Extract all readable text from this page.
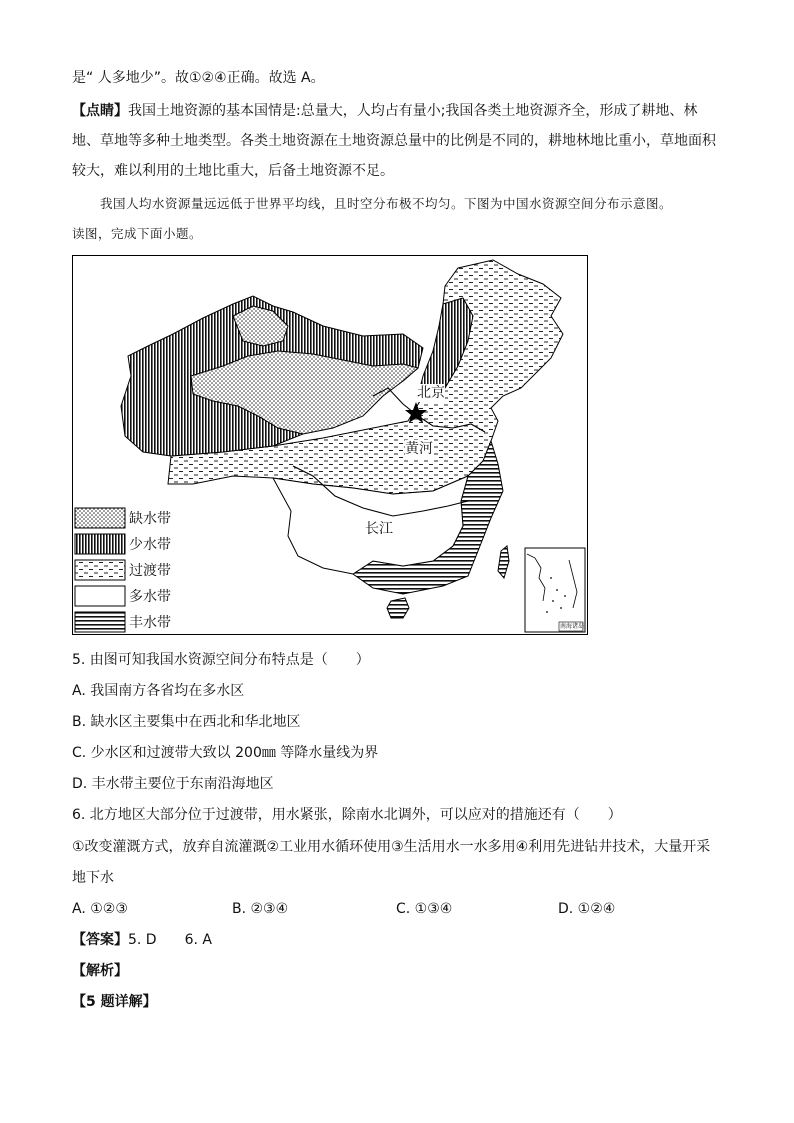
是“ 人多地少”。故①②④正确。故选 A。
【点睛】我国土地资源的基本国情是:总量大，人均占有量小;我国各类土地资源齐全，形成了耕地、林
地、草地等多种土地类型。各类土地资源在土地资源总量中的比例是不同的，耕地林地比重小，草地面积
较大，难以利用的土地比重大，后备土地资源不足。
我国人均水资源量远远低于世界平均线，且时空分布极不均匀。下图为中国水资源空间分布示意图。
读图，完成下面小题。
北京
黄河
长江
南海诸岛
缺水带
少水带
过渡带
多水带
丰水带
5. 由图可知我国水资源空间分布特点是（　　）
A. 我国南方各省均在多水区
B. 缺水区主要集中在西北和华北地区
C. 少水区和过渡带大致以 200㎜ 等降水量线为界
D. 丰水带主要位于东南沿海地区
6. 北方地区大部分位于过渡带，用水紧张，除南水北调外，可以应对的措施还有（　　）
①改变灌溉方式，放弃自流灌溉②工业用水循环使用③生活用水一水多用④利用先进钻井技术，大量开采
地下水
A. ①②③	B. ②③④	C. ①③④	D. ①②④
【答案】5. D　　6. A
【解析】
【5 题详解】
